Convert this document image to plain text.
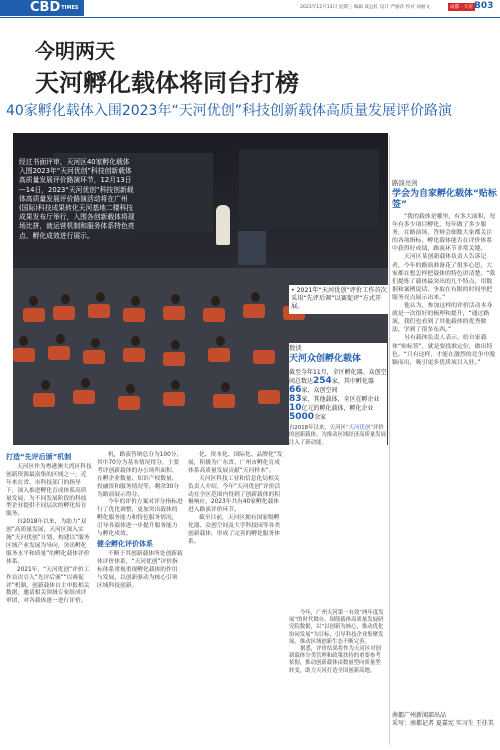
$CBD^{TIMES}$	2023年12月13日 星期三 编辑 聂远红 设计 严丽萍 校对 刘丽文	成都・天府 B03
今明两天
天河孵化载体将同台打榜
40家孵化载体入围2023年“天河优创”科技创新载体高质量发展评价路演
经过书面评审，天河区40家孵化载体入围2023年“天河优创”科技创新载体高质量发展评价路演环节，12月13日—14日，2023“天河优创”科技创新载体高质量发展评价路演活动将在广州(国际)科技成果转化天河基地二楼科技成果发布厅举行，入围各创新载体将现场比拼，就运营机制和服务体系特色亮点、孵化成效进行展示。
• 2021年“天河优创”评价工作首次采用“先评后颁”以赛促评“方式开展。
数读
天河众创孵化载体
截至今年11月，全区孵化器、众创空间总数达254家，其中孵化器
66家、众创空间
83家、其他载体，全区在孵企业
10亿元的孵化载体，孵化企业
5000余家
自2018年以来，天河区“天河优创”评价的创新载体，为推动区域经济高质量发展注入了新动能。
打造“先评后颁”机制

天河区作为粤港澳大湾区科技创新资源最富集的区域之一，近年来在省、市科技部门的指导下，深入推进孵化育成体系高质量发展，为不同发展阶段的科技型企业提供不同层次的孵化培育服务。

自2018年以来，为助力“双创”高质量发展，天河区深入实施“天河优创”计划，构建以“服务区域产业发展为导向，突出孵化服务水平和质量”的孵化载体评价体系。

2021年，“天河优创”评价工作首次引入“先评后颁”“以赛促评”机制，创新载体自主申报相关数据，邀请相关领域专家组成评审团，对各载体逐一进行评价。

机，路演答辩总分为100分，其中70分为基本情况得分，主要考评创新载体的办公场所面积、在孵企业数量、知识产权数量、投融资和服务情况等，剩余30分为路演展示得分。

今年的评价方案对评分指标进行了优化调整，更加突出载体的孵化服务能力和特色服务情况，引导各载体进一步提升服务能力与孵化成效。

健全孵化评价体系

不断于其创新载体所处创新载体评价体系，“天河优创”评价指标体系重视重视孵化载体的作用与发展，以创新驱动为核心引领区域科技创新。

化、资本化、国际化、品牌化”发展，积极为广东省、广州市孵化育成体系高质量发展贡献“天河样本”。

天河区科技工业和信息化局相关负责人介绍，今年“天河优创”评价活动在全区范围内得到了创新载体的积极响应，2023年共有40家孵化载体进入路演评价环节。

截至目前，天河区拥有国家级孵化器、众创空间及大学科技园等各类创新载体，形成了完善的孵化服务体系。

今年，广州天河第一有效“两年度发展”的时代舞台，围绕载体高质量发展研究院数据，以“以创新为核心，推动优化协同发展”为目标，引导科技企业集聚发展，推动区域创新生态不断完善。

据悉，评价结果将作为天河区对创新载体分类管理和政策扶持的重要参考依据，推动创新载体由数量型向质量型转变，助力天河打造全国创新高地。

路演亮剑
学会为自家孵化载体“贴标签”

“我的载体是哪里，有多大面积，每年有多少项目孵化，每年做了多少服务，在路演场，答辩会细数大家都关注的各项指标，孵化载体能否在评价体系中获得好成绩，路演环节非常关键。

天河区某创新载体负责人告诉记者，今年的路演准备花了很多心思，大家都在想怎样把载体的特色讲清楚。“我们提炼了载体最突出的几个特点，用数据和案例说话，争取在有限的时间里把服务亮点展示出来。”

他认为，参加这样的评价活动本身就是一次很好的梳理和提升，“通过路演，我们也看到了其他载体的优秀做法，学到了很多东西。”

另有载体负责人表示，给自家载体“贴标签”，就是要找准定位，做出特色。“只有这样，才能在激烈的竞争中脱颖而出，吸引更多优质项目入驻。”

南都广州新闻部出品
采写：南都记者 夏嘉宪 实习生 王佳美
